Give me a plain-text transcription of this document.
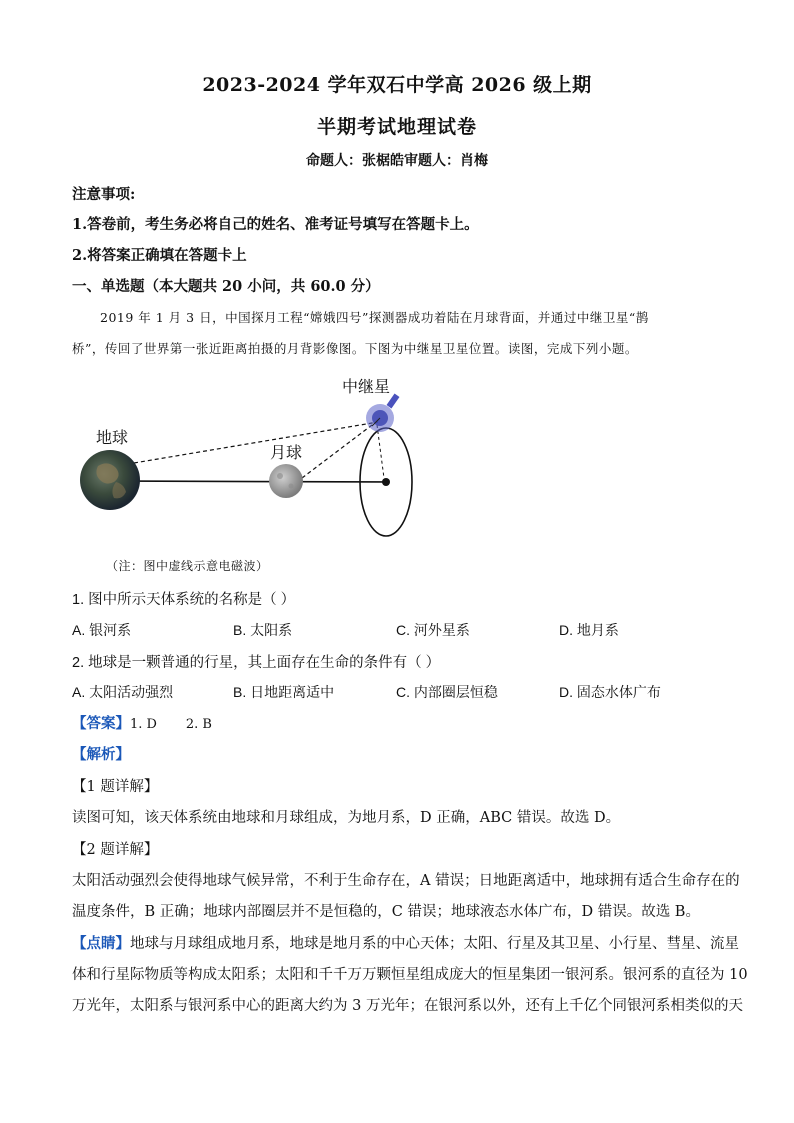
2023-2024 学年双石中学高 2026 级上期
半期考试地理试卷
命题人：张椐皓审题人：肖梅
注意事项:
1.答卷前，考生务必将自己的姓名、准考证号填写在答题卡上。
2.将答案正确填在答题卡上
一、单选题（本大题共 20 小问，共 60.0 分）
2019 年 1 月 3 日，中国探月工程“嫦娥四号”探测器成功着陆在月球背面，并通过中继卫星“鹊
桥”，传回了世界第一张近距离拍摄的月背影像图。下图为中继星卫星位置。读图，完成下列小题。
地球
月球
中继星
（注：图中虚线示意电磁波）
1. 图中所示天体系统的名称是（ ）
A. 银河系	B. 太阳系	C. 河外星系	D. 地月系
2. 地球是一颗普通的行星，其上面存在生命的条件有（ ）
A. 太阳活动强烈	B. 日地距离适中	C. 内部圈层恒稳	D. 固态水体广布
【答案】1. D       2. B
【解析】
【1 题详解】
读图可知，该天体系统由地球和月球组成，为地月系，D 正确，ABC 错误。故选 D。
【2 题详解】
太阳活动强烈会使得地球气候异常，不利于生命存在，A 错误；日地距离适中，地球拥有适合生命存在的
温度条件，B 正确；地球内部圈层并不是恒稳的，C 错误；地球液态水体广布，D 错误。故选 B。
【点睛】地球与月球组成地月系，地球是地月系的中心天体；太阳、行星及其卫星、小行星、彗星、流星
体和行星际物质等构成太阳系；太阳和千千万万颗恒星组成庞大的恒星集团一银河系。银河系的直径为 10
万光年，太阳系与银河系中心的距离大约为 3 万光年；在银河系以外，还有上千亿个同银河系相类似的天
